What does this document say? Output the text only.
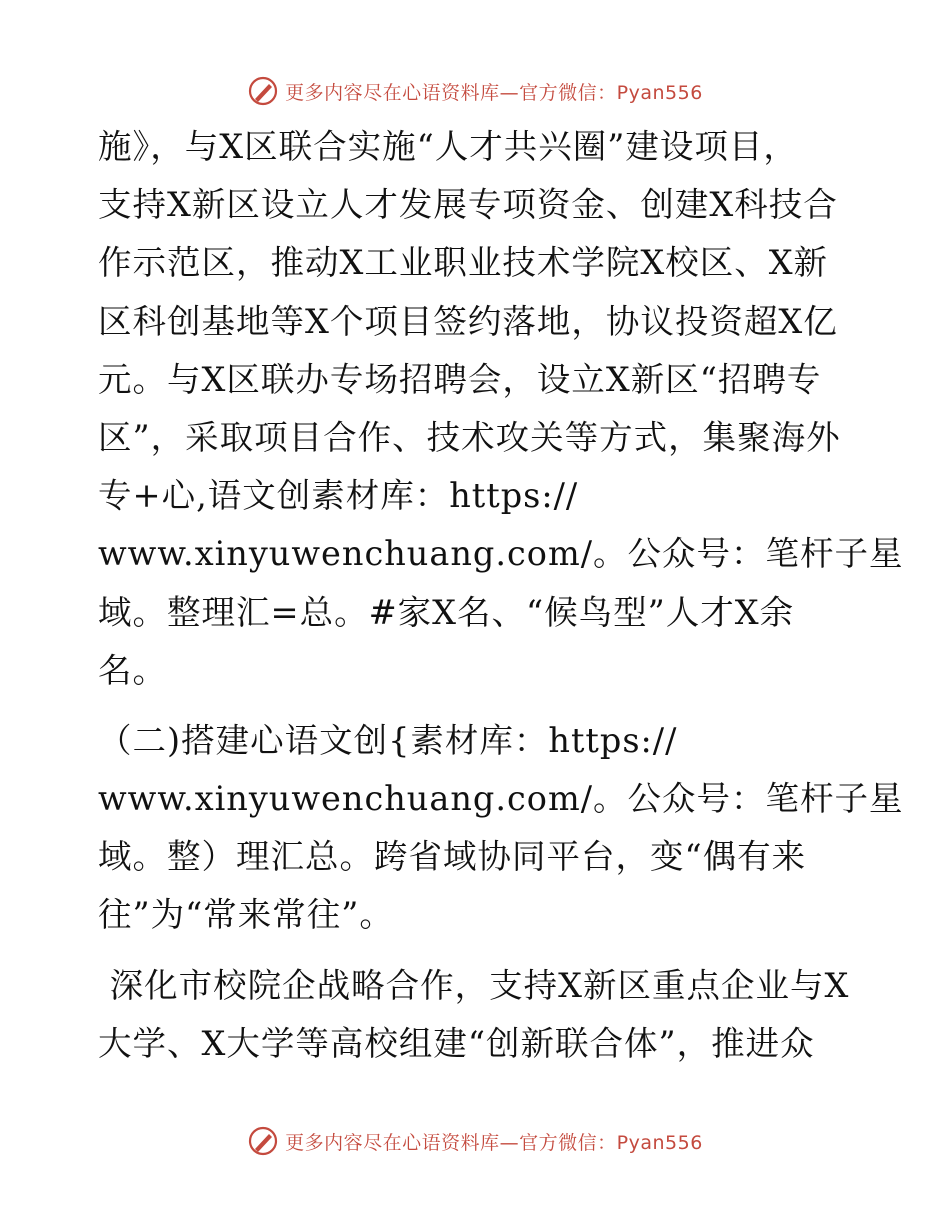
更多内容尽在心语资料库—官方微信：Pyan556
施》，与X区联合实施“人才共兴圈”建设项目，
支持X新区设立人才发展专项资金、创建X科技合
作示范区，推动X工业职业技术学院X校区、X新
区科创基地等X个项目签约落地，协议投资超X亿
元。与X区联办专场招聘会，设立X新区“招聘专
区”，采取项目合作、技术攻关等方式，集聚海外
专+心,语文创素材库：https://
www.xinyuwenchuang.com/。公众号：笔杆子星
域。整理汇=总。#家X名、“候鸟型”人才X余
名。
（二)搭建心语文创{素材库：https://
www.xinyuwenchuang.com/。公众号：笔杆子星
域。整）理汇总。跨省域协同平台，变“偶有来
往”为“常来常往”。
深化市校院企战略合作，支持X新区重点企业与X
大学、X大学等高校组建“创新联合体”，推进众
更多内容尽在心语资料库—官方微信：Pyan556
